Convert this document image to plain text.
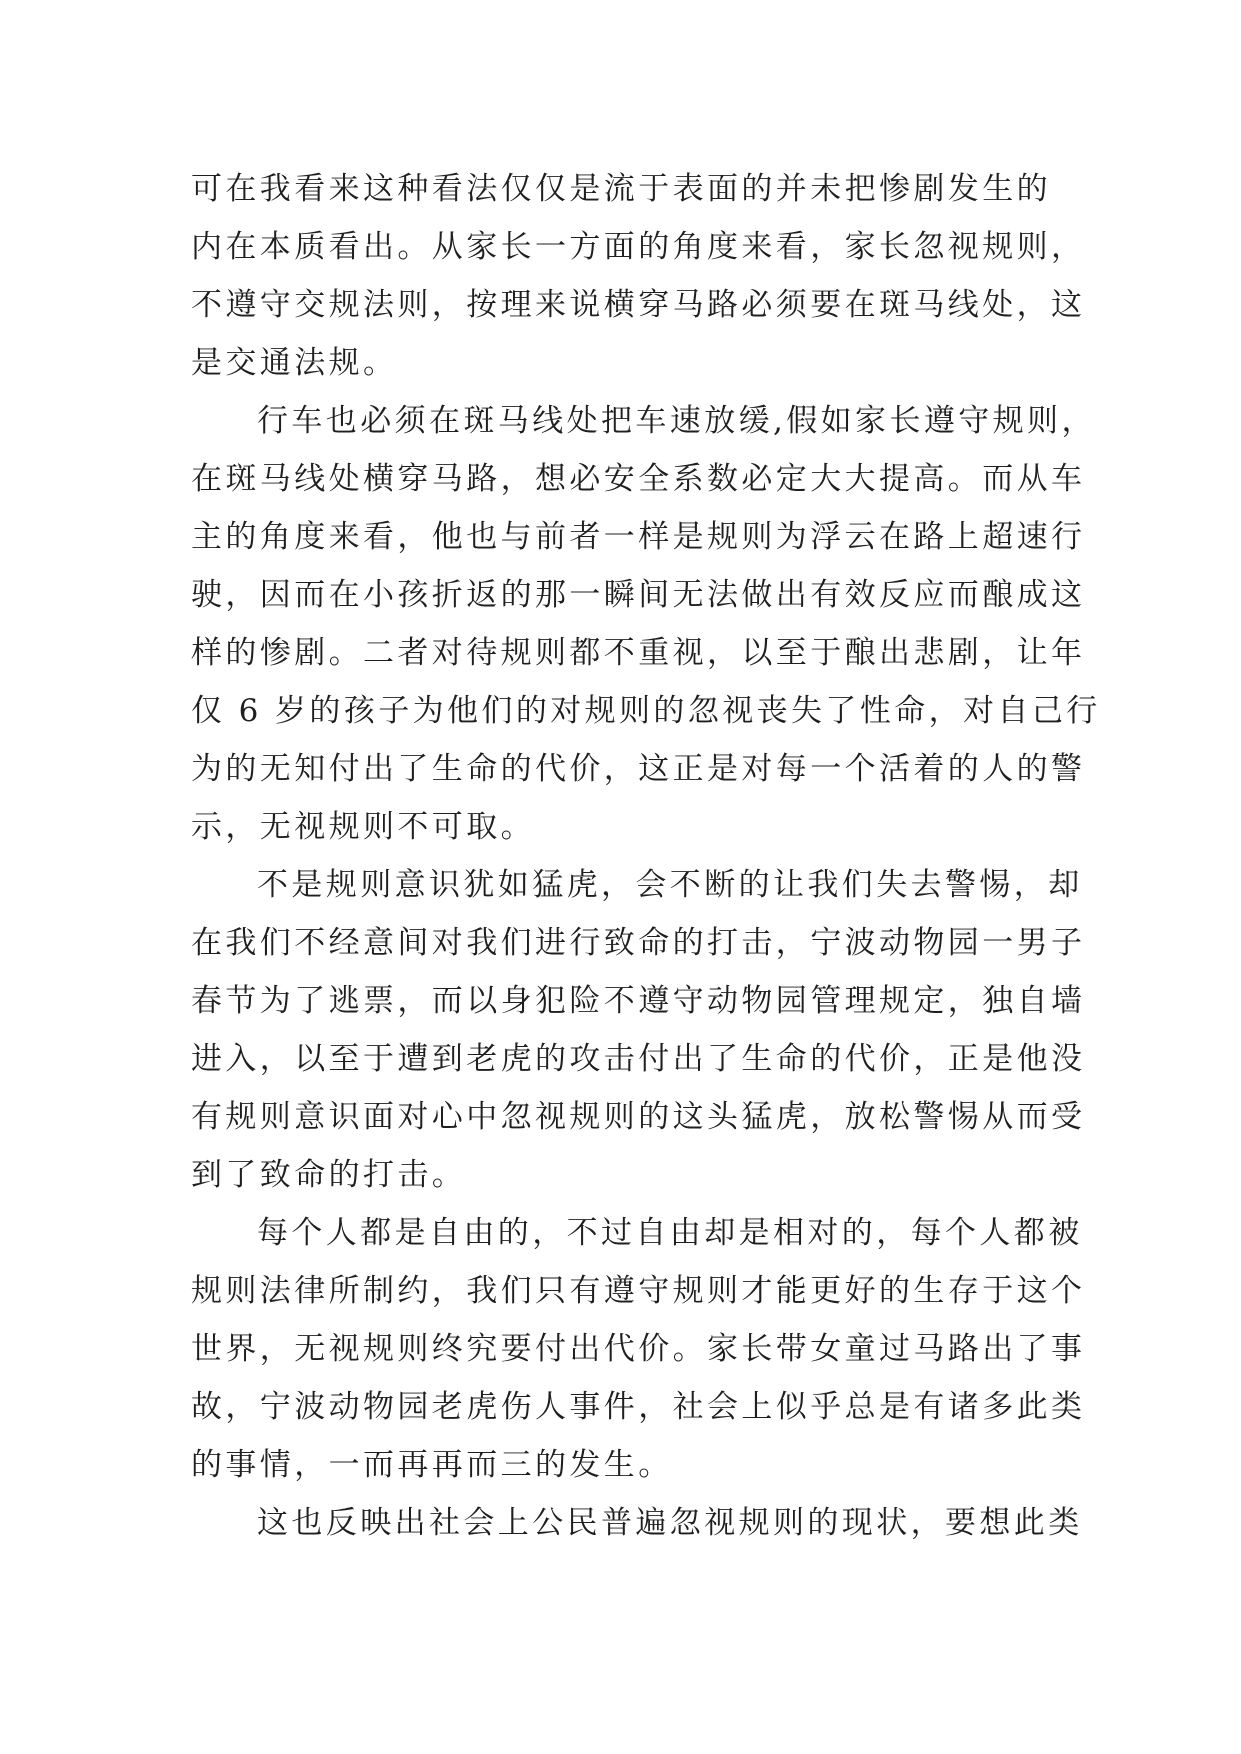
可在我看来这种看法仅仅是流于表面的并未把惨剧发生的
内在本质看出。从家长一方面的角度来看，家长忽视规则，
不遵守交规法则，按理来说横穿马路必须要在斑马线处，这
是交通法规。
行车也必须在斑马线处把车速放缓,假如家长遵守规则，
在斑马线处横穿马路，想必安全系数必定大大提高。而从车
主的角度来看，他也与前者一样是规则为浮云在路上超速行
驶，因而在小孩折返的那一瞬间无法做出有效反应而酿成这
样的惨剧。二者对待规则都不重视，以至于酿出悲剧，让年
仅 6 岁的孩子为他们的对规则的忽视丧失了性命，对自己行
为的无知付出了生命的代价，这正是对每一个活着的人的警
示，无视规则不可取。
不是规则意识犹如猛虎，会不断的让我们失去警惕，却
在我们不经意间对我们进行致命的打击，宁波动物园一男子
春节为了逃票，而以身犯险不遵守动物园管理规定，独自墙
进入，以至于遭到老虎的攻击付出了生命的代价，正是他没
有规则意识面对心中忽视规则的这头猛虎，放松警惕从而受
到了致命的打击。
每个人都是自由的，不过自由却是相对的，每个人都被
规则法律所制约，我们只有遵守规则才能更好的生存于这个
世界，无视规则终究要付出代价。家长带女童过马路出了事
故，宁波动物园老虎伤人事件，社会上似乎总是有诸多此类
的事情，一而再再而三的发生。
这也反映出社会上公民普遍忽视规则的现状，要想此类
